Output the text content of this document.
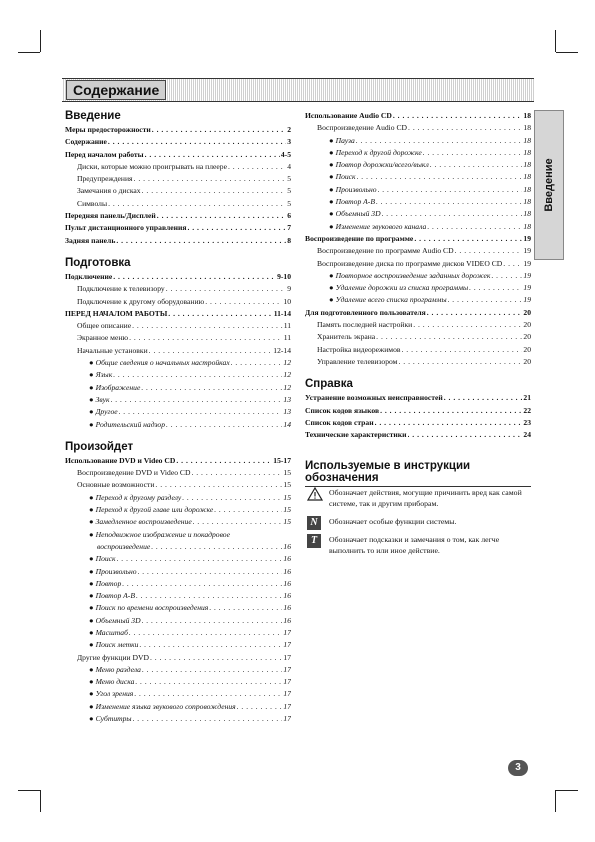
Содержание
Введение
Введение
Меры предосторожности . . .	2
Содержание . . .	3
Перед началом работы . . .	4-5
Диски, которые можно проигрывать на плеере . . .	4
Предупреждения . . .	5
Замечания о дисках . . .	5
Символы . . .	5
Передняя панель/Дисплей . . .	6
Пульт дистанционного управления . . .	7
Задняя панель . . .	8
Подготовка
Подключение . . .	9-10
Подключение к телевизору . . .	9
Подключение к другому оборудованию . . .	10
ПЕРЕД НАЧАЛОМ РАБОТЫ . . .	11-14
Общее описание . . .	11
Экранное меню . . .	11
Начальные установки . . .	12-14
● Общие сведения о начальных настройках . . .	12
● Язык . . .	12
● Изображение . . .	12
● Звук . . .	13
● Другое . . .	13
● Родительский надзор . . .	14
Произойдет
Использование DVD и Video CD . . .	15-17
Воспроизведение DVD и Video CD . . .	15
Основные возможности . . .	15
● Переход к другому разделу . . .	15
● Переход к другой главе или дорожке . . .	15
● Замедленное воспроизведение . . .	15
● Неподвижное изображение и покадровое
воспроизведение . . .	16
● Поиск . . .	16
● Произвольно . . .	16
● Повтор . . .	16
● Повтор A-B . . .	16
● Поиск по времени воспроизведения . . .	16
● Объемный 3D . . .	16
● Масштаб . . .	17
● Поиск метки . . .	17
Другие функции DVD . . .	17
● Меню раздела . . .	17
● Меню диска . . .	17
● Угол зрения . . .	17
● Изменение языка звукового сопровождения . . .	17
● Субтитры . . .	17
Использование Audio CD . . .	18
Воспроизведение Audio CD . . .	18
● Пауза . . .	18
● Переход к другой дорожке . . .	18
● Повтор дорожки/всего/выкл . . .	18
● Поиск . . .	18
● Произвольно . . .	18
● Повтор A-B . . .	18
● Объемный 3D . . .	18
● Изменение звукового канала . . .	18
Воспроизведение по программе . . .	19
Воспроизведение по программе Audio CD . . .	19
Воспроизведение диска по программе дисков VIDEO CD . . .	19
● Повторное воспроизведение заданных дорожек . . .	19
● Удаление дорожки из списка программы . . .	19
● Удаление всего списка программы . . .	19
Для подготовленного пользователя . . .	20
Память последней настройки . . .	20
Хранитель экрана . . .	20
Настройка видеорежимов . . .	20
Управление телевизором . . .	20
Справка
Устранение возможных неисправностей . . .	21
Список кодов языков . . .	22
Список кодов стран . . .	23
Технические характеристики . . .	24
Используемые в инструкции обозначения
Обозначает действия, могущие причинить вред как самой системе, так и другим приборам.
N	Обозначает особые функции системы.
T	Обозначает подсказки и замечания о том, как легче выполнить то или иное действие.
3
